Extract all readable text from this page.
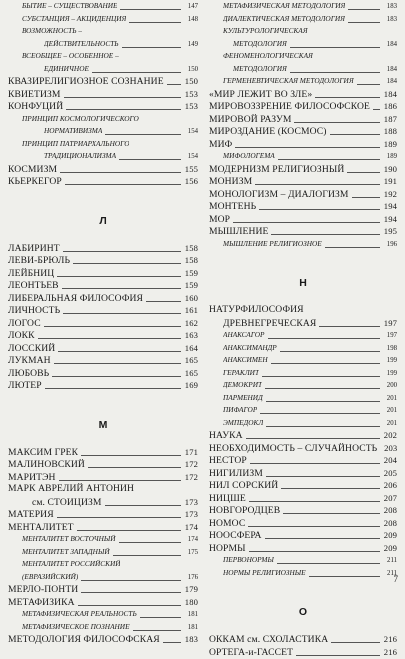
БЫТИЕ – СУЩЕСТВОВАНИЕ	147
СУБСТАНЦИЯ – АКЦИДЕНЦИЯ	148
ВОЗМОЖНОСТЬ –
ДЕЙСТВИТЕЛЬНОСТЬ	149
ВСЕОБЩЕЕ – ОСОБЕННОЕ –
ЕДИНИЧНОЕ	150
КВАЗИРЕЛИГИОЗНОЕ СОЗНАНИЕ 150
КВИЕТИЗМ	153
КОНФУЦИЙ	153
ПРИНЦИП КОСМОЛОГИЧЕСКОГО
НОРМАТИВИЗМА	154
ПРИНЦИП ПАТРИАРХАЛЬНОГО
ТРАДИЦИОНАЛИЗМА	154
КОСМИЗМ	155
КЬЕРКЕГОР	156
Л
ЛАБИРИНТ	158
ЛЕВИ-БРЮЛЬ	158
ЛЕЙБНИЦ	159
ЛЕОНТЬЕВ	159
ЛИБЕРАЛЬНАЯ ФИЛОСОФИЯ	160
ЛИЧНОСТЬ	161
ЛОГОС	162
ЛОКК	163
ЛОССКИЙ	164
ЛУКМАН	165
ЛЮБОВЬ	165
ЛЮТЕР	169
М
МАКСИМ ГРЕК	171
МАЛИНОВСКИЙ	172
МАРИТЭН	172
МАРК АВРЕЛИЙ АНТОНИН
см. СТОИЦИЗМ	173
МАТЕРИЯ	173
МЕНТАЛИТЕТ	174
МЕНТАЛИТЕТ ВОСТОЧНЫЙ	174
МЕНТАЛИТЕТ ЗАПАДНЫЙ	175
МЕНТАЛИТЕТ РОССИЙСКИЙ
(ЕВРАЗИЙСКИЙ)	176
МЕРЛО-ПОНТИ	179
МЕТАФИЗИКА	180
МЕТАФИЗИЧЕСКАЯ РЕАЛЬНОСТЬ	181
МЕТАФИЗИЧЕСКОЕ ПОЗНАНИЕ	181
МЕТОДОЛОГИЯ ФИЛОСОФСКАЯ	183
МЕТАФИЗИЧЕСКАЯ МЕТОДОЛОГИЯ	183
ДИАЛЕКТИЧЕСКАЯ МЕТОДОЛОГИЯ	183
КУЛЬТУРОЛОГИЧЕСКАЯ
МЕТОДОЛОГИЯ	184
ФЕНОМЕНОЛОГИЧЕСКАЯ
МЕТОДОЛОГИЯ	184
ГЕРМЕНЕВТИЧЕСКАЯ МЕТОДОЛОГИЯ	184
«МИР ЛЕЖИТ ВО ЗЛЕ»	184
МИРОВОЗЗРЕНИЕ ФИЛОСОФСКОЕ 186
МИРОВОЙ РАЗУМ	187
МИРОЗДАНИЕ (КОСМОС)	188
МИФ	189
МИФОЛОГЕМА	189
МОДЕРНИЗМ РЕЛИГИОЗНЫЙ	190
МОНИЗМ	191
МОНОЛОГИЗМ – ДИАЛОГИЗМ	192
МОНТЕНЬ	194
МОР	194
МЫШЛЕНИЕ	195
МЫШЛЕНИЕ РЕЛИГИОЗНОЕ	196
Н
НАТУРФИЛОСОФИЯ
ДРЕВНЕГРЕЧЕСКАЯ	197
АНАКСАГОР	197
АНАКСИМАНДР	198
АНАКСИМЕН	199
ГЕРАКЛИТ	199
ДЕМОКРИТ	200
ПАРМЕНИД	201
ПИФАГОР	201
ЭМПЕДОКЛ	201
НАУКА	202
НЕОБХОДИМОСТЬ – СЛУЧАЙНОСТЬ 203
НЕСТОР	204
НИГИЛИЗМ	205
НИЛ СОРСКИЙ	206
НИЦШЕ	207
НОВГОРОДЦЕВ	208
НОМОС	208
НООСФЕРА	209
НОРМЫ	209
ПЕРВОНОРМЫ	211
НОРМЫ РЕЛИГИОЗНЫЕ	211
О
ОККАМ см. СХОЛАСТИКА	216
ОРТЕГА-и-ГАССЕТ	216
7
